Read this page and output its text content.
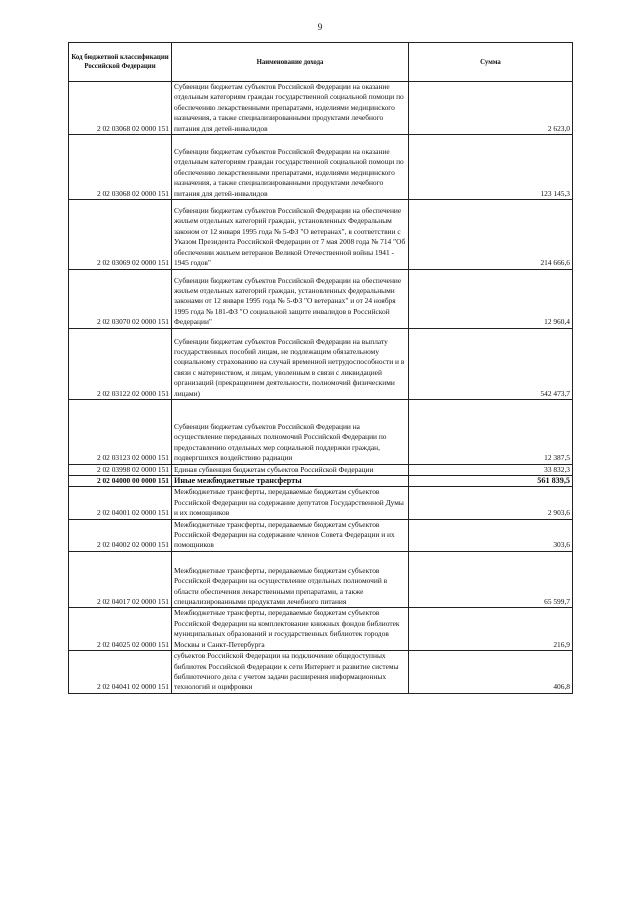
9
Код бюджетной классификации Российской Федерации	Наименование дохода	Сумма
2 02 03068 02 0000 151	Субвенции бюджетам субъектов Российской Федерации на оказание отдельным категориям граждан государственной социальной помощи по обеспечению лекарственными препаратами, изделиями медицинского назначения, а также специализированными продуктами лечебного питания для детей-инвалидов	2 623,0
2 02 03068 02 0000 151	Субвенции бюджетам субъектов Российской Федерации на оказание отдельным категориям граждан государственной социальной помощи по обеспечению лекарственными препаратами, изделиями медицинского назначения, а также специализированными продуктами лечебного питания для детей-инвалидов	123 145,3
2 02 03069 02 0000 151	Субвенции бюджетам субъектов Российской Федерации на обеспечение жильем отдельных категорий граждан, установленных Федеральным законом от 12 января 1995 года № 5-ФЗ "О ветеранах", в соответствии с Указом Президента Российской Федерации от 7 мая 2008 года № 714 "Об обеспечении жильем ветеранов Великой Отечественной войны 1941 - 1945 годов"	214 666,6
2 02 03070 02 0000 151	Субвенции бюджетам субъектов Российской Федерации на обеспечение жильем отдельных категорий граждан, установленных федеральными законами от 12 января 1995 года № 5-ФЗ "О ветеранах" и от 24 ноября 1995 года № 181-ФЗ "О социальной защите инвалидов в Российской Федерации"	12 960,4
2 02 03122 02 0000 151	Субвенции бюджетам субъектов Российской Федерации на выплату государственных пособий лицам, не подлежащим обязательному социальному страхованию на случай временной нетрудоспособности и в связи с материнством, и лицам, уволенным в связи с ликвидацией организаций (прекращением деятельности, полномочий физическими лицами)	542 473,7
2 02 03123 02 0000 151	Субвенции бюджетам субъектов Российской Федерации на осуществление переданных полномочий Российской Федерации по предоставлению отдельных мер социальной поддержки граждан, подвергшихся воздействию радиации	12 387,5
2 02 03998 02 0000 151	Единая субвенция бюджетам субъектов Российской Федерации	33 832,3
2 02 04000 00 0000 151	Иные межбюджетные трансферты	561 839,5
2 02 04001 02 0000 151	Межбюджетные трансферты, передаваемые бюджетам субъектов Российской Федерации на содержание депутатов Государственной Думы и их помощников	2 903,6
2 02 04002 02 0000 151	Межбюджетные трансферты, передаваемые бюджетам субъектов Российской Федерации на содержание членов Совета Федерации и их помощников	303,6
2 02 04017 02 0000 151	Межбюджетные трансферты, передаваемые бюджетам субъектов Российской Федерации на осуществление отдельных полномочий в области обеспечения лекарственными препаратами, а также специализированными продуктами лечебного питания	65 599,7
2 02 04025 02 0000 151	Межбюджетные трансферты, передаваемые бюджетам субъектов Российской Федерации на комплектование книжных фондов библиотек муниципальных образований и государственных библиотек городов Москвы и Санкт-Петербурга	216,9
2 02 04041 02 0000 151	субъектов Российской Федерации на подключение общедоступных библиотек Российской Федерации к сети Интернет и развитие системы библиотечного дела с учетом задачи расширения информационных технологий и оцифровки	406,8
